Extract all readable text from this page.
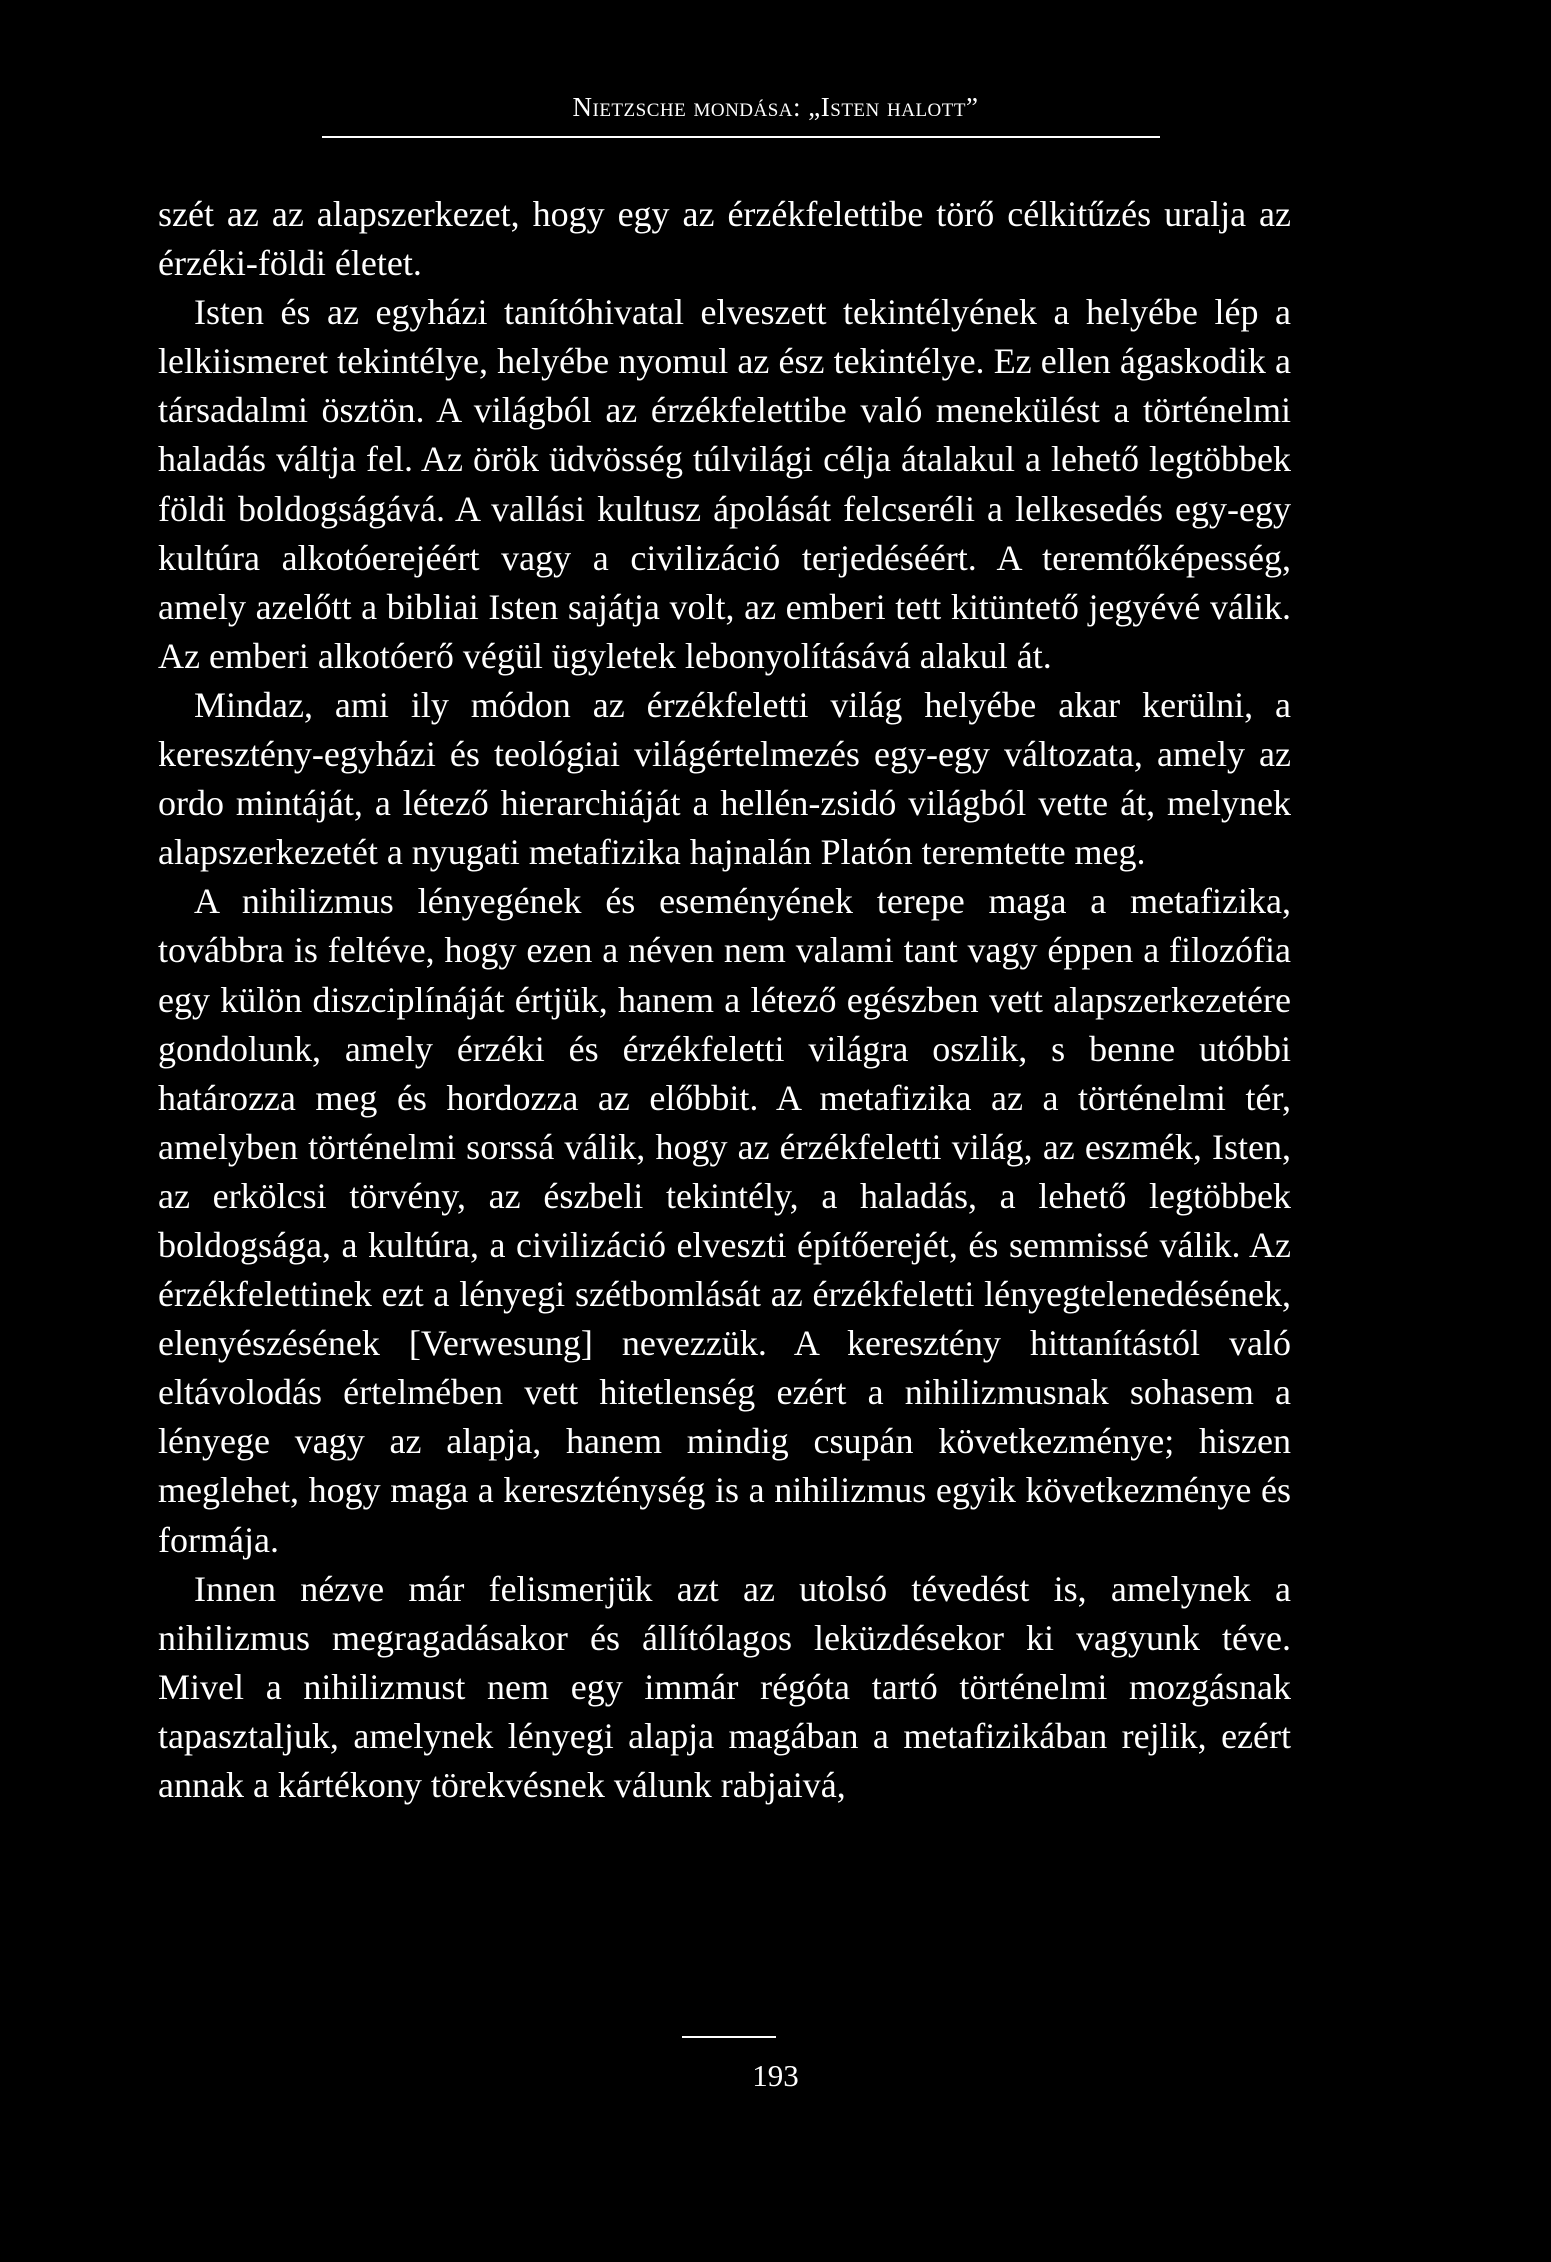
Nietzsche mondása: „Isten halott”

szét az az alapszerkezet, hogy egy az érzékfelettibe törő célkitűzés uralja az érzéki-földi életet.

Isten és az egyházi tanítóhivatal elveszett tekintélyének a helyébe lép a lelkiismeret tekintélye, helyébe nyomul az ész tekintélye. Ez ellen ágaskodik a társadalmi ösztön. A világból az érzékfelettibe való menekülést a történelmi haladás váltja fel. Az örök üdvösség túlvilági célja átalakul a lehető legtöbbek földi boldogságává. A vallási kultusz ápolását felcseréli a lelkesedés egy-egy kultúra alkotóerejéért vagy a civilizáció terjedéséért. A teremtőképesség, amely azelőtt a bibliai Isten sajátja volt, az emberi tett kitüntető jegyévé válik. Az emberi alkotóerő végül ügyletek lebonyolításává alakul át.

Mindaz, ami ily módon az érzékfeletti világ helyébe akar kerülni, a keresztény-egyházi és teológiai világértelmezés egy-egy változata, amely az ordo mintáját, a létező hierarchiáját a hellén-zsidó világból vette át, melynek alapszerkezetét a nyugati metafizika hajnalán Platón teremtette meg.

A nihilizmus lényegének és eseményének terepe maga a metafizika, továbbra is feltéve, hogy ezen a néven nem valami tant vagy éppen a filozófia egy külön diszciplínáját értjük, hanem a létező egészben vett alapszerkezetére gondolunk, amely érzéki és érzékfeletti világra oszlik, s benne utóbbi határozza meg és hordozza az előbbit. A metafizika az a történelmi tér, amelyben történelmi sorssá válik, hogy az érzékfeletti világ, az eszmék, Isten, az erkölcsi törvény, az észbeli tekintély, a haladás, a lehető legtöbbek boldogsága, a kultúra, a civilizáció elveszti építőerejét, és semmissé válik. Az érzékfelettinek ezt a lényegi szétbomlását az érzékfeletti lényegtelenedésének, elenyészésének [Verwesung] nevezzük. A keresztény hittanítástól való eltávolodás értelmében vett hitetlenség ezért a nihilizmusnak sohasem a lényege vagy az alapja, hanem mindig csupán következménye; hiszen meglehet, hogy maga a kereszténység is a nihilizmus egyik következménye és formája.

Innen nézve már felismerjük azt az utolsó tévedést is, amelynek a nihilizmus megragadásakor és állítólagos leküzdésekor ki vagyunk téve. Mivel a nihilizmust nem egy immár régóta tartó történelmi mozgásnak tapasztaljuk, amelynek lényegi alapja magában a metafizikában rejlik, ezért annak a kártékony törekvésnek válunk rabjaivá,

193
